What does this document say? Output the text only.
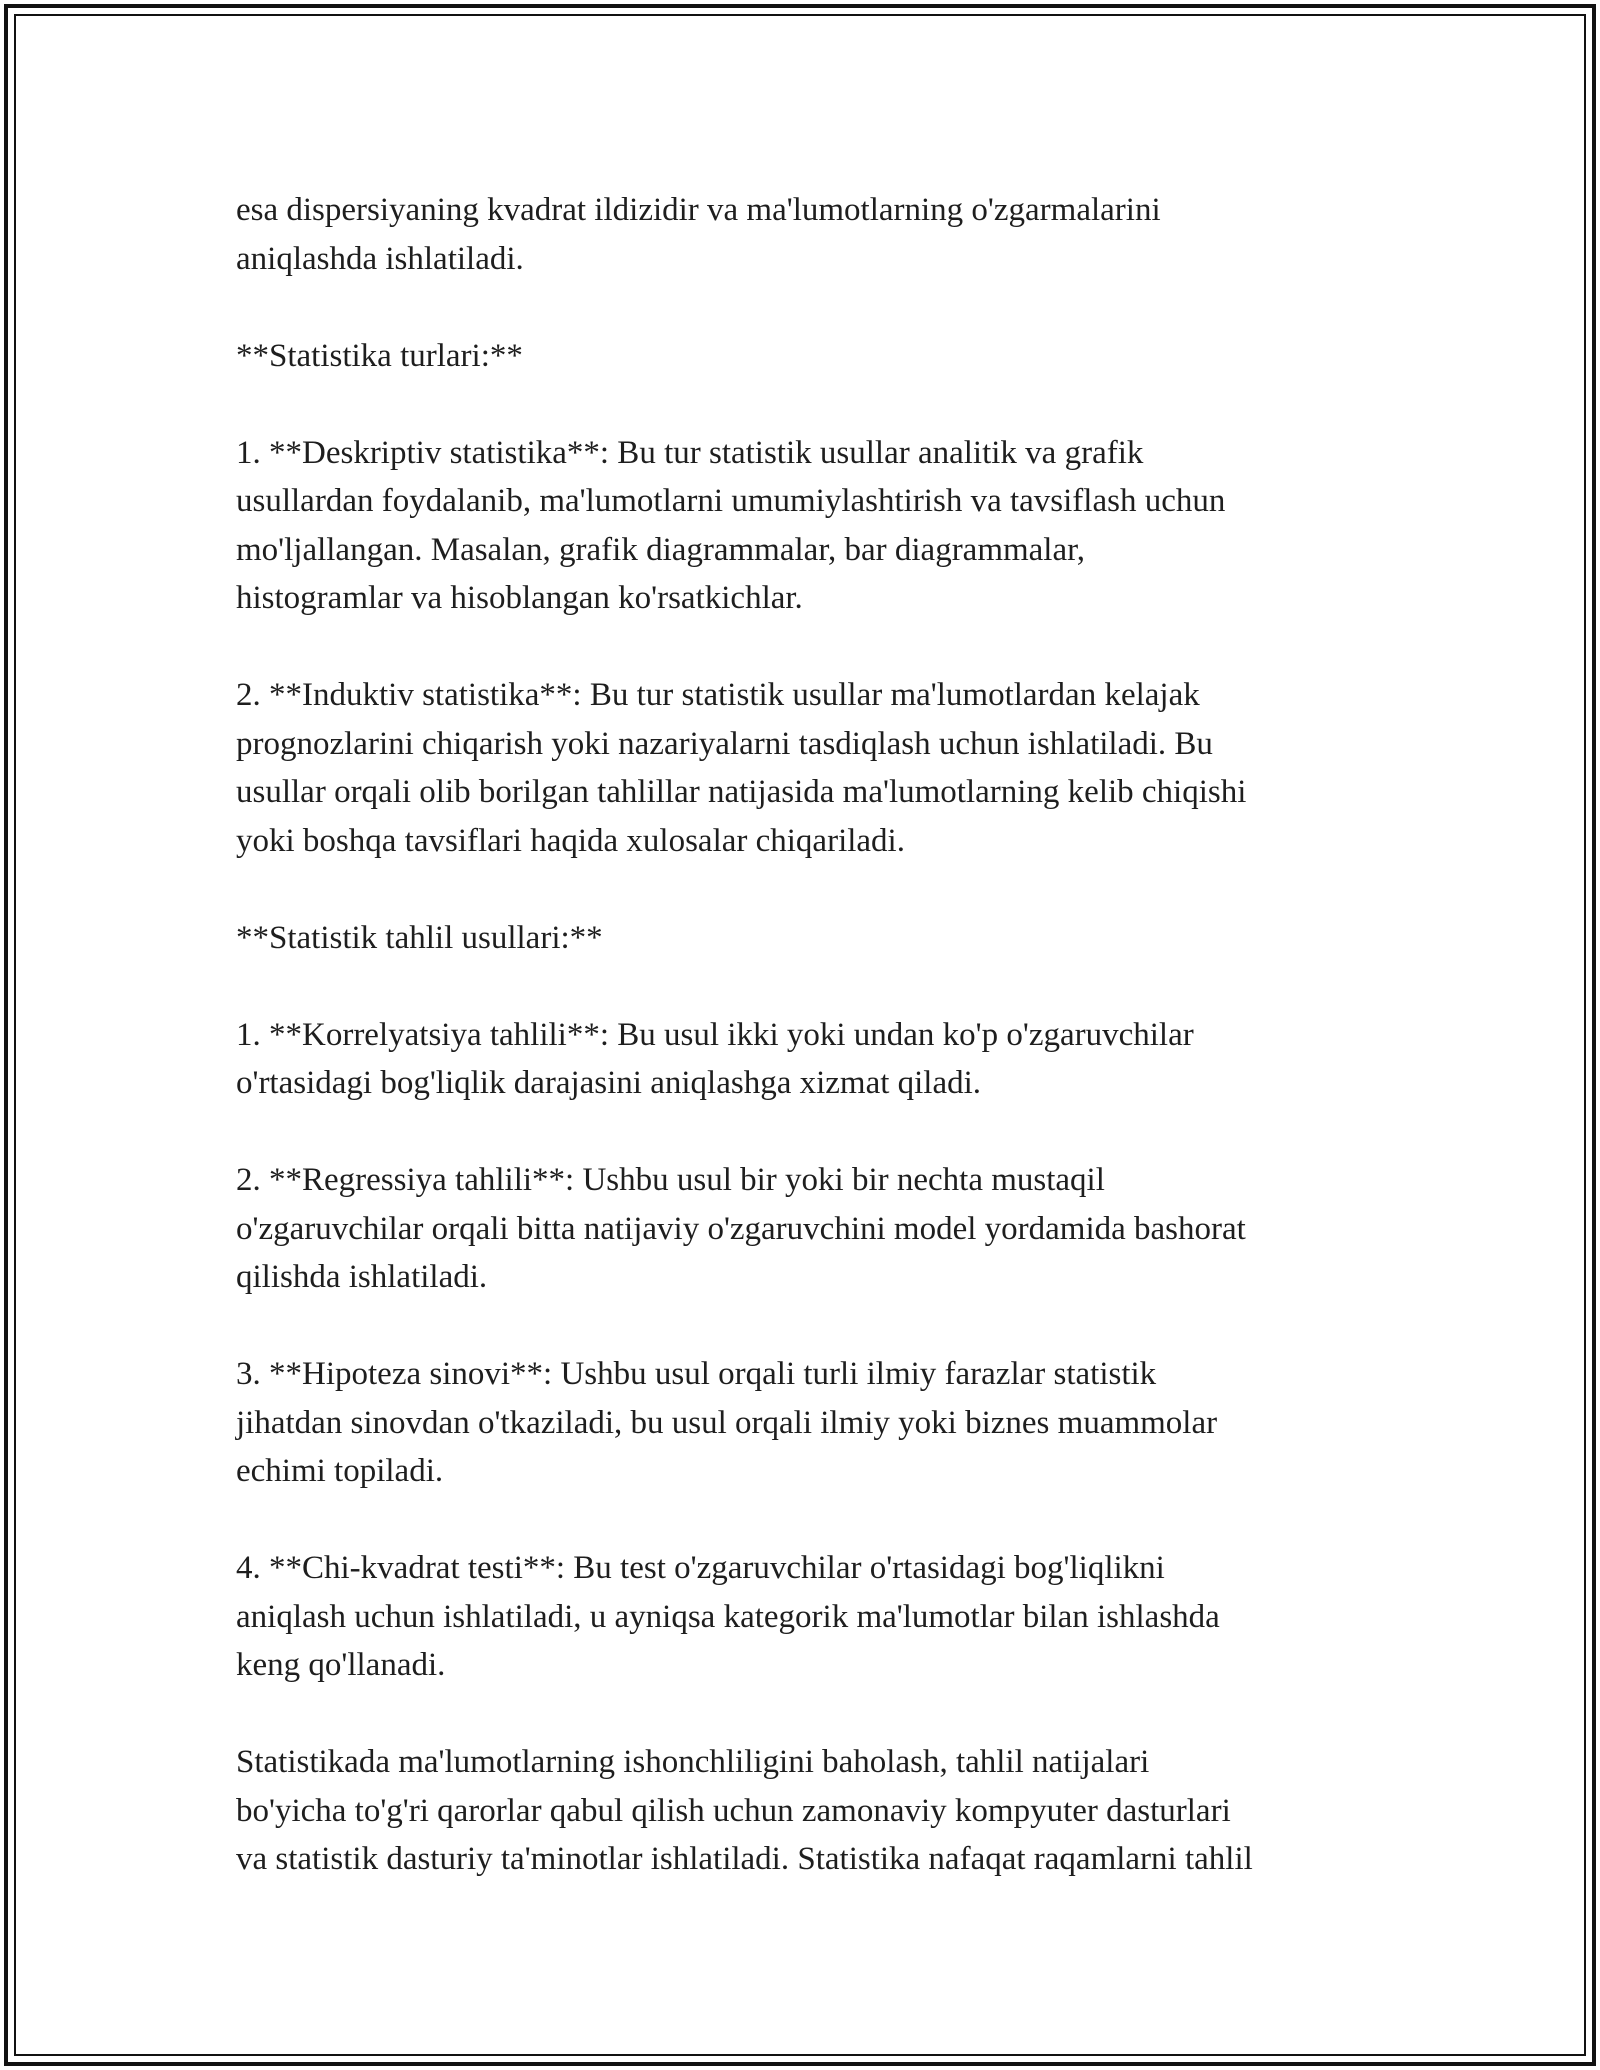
esa dispersiyaning kvadrat ildizidir va ma'lumotlarning o'zgarmalarini
aniqlashda ishlatiladi.

**Statistika turlari:**

1. **Deskriptiv statistika**: Bu tur statistik usullar analitik va grafik
usullardan foydalanib, ma'lumotlarni umumiylashtirish va tavsiflash uchun
mo'ljallangan. Masalan, grafik diagrammalar, bar diagrammalar,
histogramlar va hisoblangan ko'rsatkichlar.

2. **Induktiv statistika**: Bu tur statistik usullar ma'lumotlardan kelajak
prognozlarini chiqarish yoki nazariyalarni tasdiqlash uchun ishlatiladi. Bu
usullar orqali olib borilgan tahlillar natijasida ma'lumotlarning kelib chiqishi
yoki boshqa tavsiflari haqida xulosalar chiqariladi.

**Statistik tahlil usullari:**

1. **Korrelyatsiya tahlili**: Bu usul ikki yoki undan ko'p o'zgaruvchilar
o'rtasidagi bog'liqlik darajasini aniqlashga xizmat qiladi.

2. **Regressiya tahlili**: Ushbu usul bir yoki bir nechta mustaqil
o'zgaruvchilar orqali bitta natijaviy o'zgaruvchini model yordamida bashorat
qilishda ishlatiladi.

3. **Hipoteza sinovi**: Ushbu usul orqali turli ilmiy farazlar statistik
jihatdan sinovdan o'tkaziladi, bu usul orqali ilmiy yoki biznes muammolar
echimi topiladi.

4. **Chi-kvadrat testi**: Bu test o'zgaruvchilar o'rtasidagi bog'liqlikni
aniqlash uchun ishlatiladi, u ayniqsa kategorik ma'lumotlar bilan ishlashda
keng qo'llanadi.

Statistikada ma'lumotlarning ishonchliligini baholash, tahlil natijalari
bo'yicha to'g'ri qarorlar qabul qilish uchun zamonaviy kompyuter dasturlari
va statistik dasturiy ta'minotlar ishlatiladi. Statistika nafaqat raqamlarni tahlil
